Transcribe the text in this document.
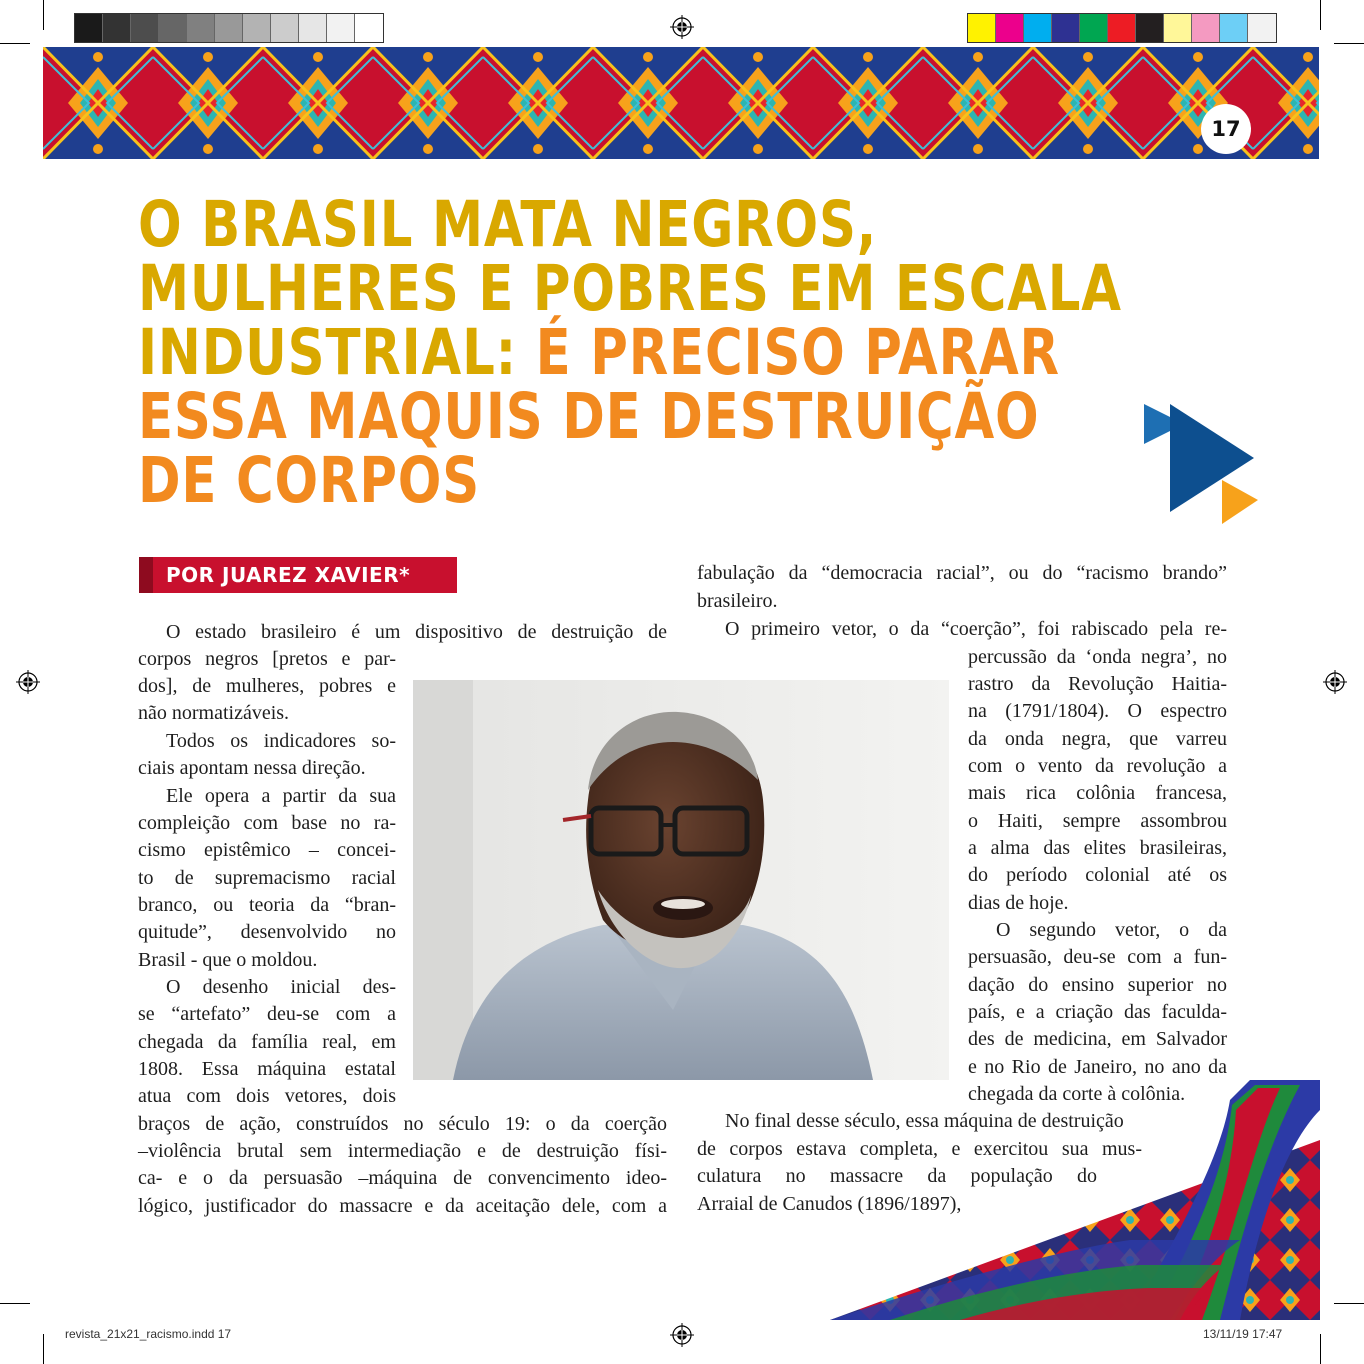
17
O BRASIL MATA NEGROS,
MULHERES E POBRES EM ESCALA
INDUSTRIAL: É PRECISO PARAR
ESSA MAQUIS DE DESTRUIÇÃO
DE CORPOS
POR JUAREZ XAVIER*
O estado brasileiro é um dispositivo de destruição de
corpos negros [pretos e par-
dos], de mulheres, pobres e
não normatizáveis.
Todos os indicadores so-
ciais apontam nessa direção.
Ele opera a partir da sua
compleição com base no ra-
cismo epistêmico – concei-
to de supremacismo racial
branco, ou teoria da “bran-
quitude”, desenvolvido no
Brasil - que o moldou.
O desenho inicial des-
se “artefato” deu-se com a
chegada da família real, em
1808. Essa máquina estatal
atua com dois vetores, dois
braços de ação, construídos no século 19: o da coerção
–violência brutal sem intermediação e de destruição físi-
ca- e o da persuasão –máquina de convencimento ideo-
lógico, justificador do massacre e da aceitação dele, com a
fabulação da “democracia racial”, ou do “racismo brando”
brasileiro.
O primeiro vetor, o da “coerção”, foi rabiscado pela re-
percussão da ‘onda negra’, no
rastro da Revolução Haitia-
na (1791/1804). O espectro
da onda negra, que varreu
com o vento da revolução a
mais rica colônia francesa,
o Haiti, sempre assombrou
a alma das elites brasileiras,
do período colonial até os
dias de hoje.
O segundo vetor, o da
persuasão, deu-se com a fun-
dação do ensino superior no
país, e a criação das faculda-
des de medicina, em Salvador
e no Rio de Janeiro, no ano da
chegada da corte à colônia.
No final desse século, essa máquina de destruição
de corpos estava completa, e exercitou sua mus-
culatura no massacre da população do
Arraial de Canudos (1896/1897),
revista_21x21_racismo.indd 17	13/11/19 17:47
